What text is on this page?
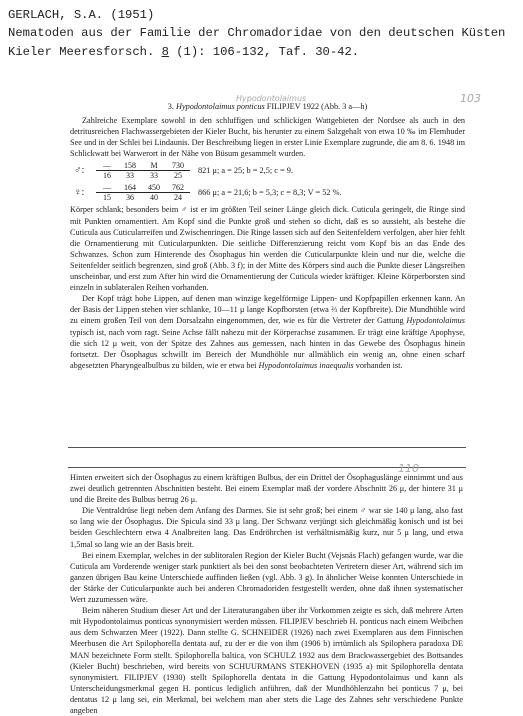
GERLACH, S.A. (1951)
Nematoden aus der Familie der Chromadoridae von den deutschen Küsten
Kieler Meeresforsch. 8 (1): 106-132, Taf. 30-42.
Hypodontolaimus	103
3. Hypodontolaimus ponticus FILIPJEV 1922 (Abb. 3 a—h)

Zahlreiche Exemplare sowohl in den schluffigen und schlickigen Wattgebieten der Nordsee als auch in den detritusreichen Flachwassergebieten der Kieler Bucht, bis herunter zu einem Salzgehalt von etwa 10 ‰ im Flemhuder See und in der Schlei bei Lindaunis. Der Beschreibung liegen in erster Linie Exemplare zugrunde, die am 8. 6. 1948 im Schlickwatt bei Warwerort in der Nähe von Büsum gesammelt wurden.

♂:	—	158	M	730
16	33	33	25
821 μ; a = 25; b = 2,5; c = 9.
♀:	—	164	450	762
15	36	40	24
866 μ; a = 21,6; b = 5,3; c = 8,3; V = 52 %.

Körper schlank; besonders beim ♂ ist er im größten Teil seiner Länge gleich dick. Cuticula geringelt, die Ringe sind mit Punkten ornamentiert. Am Kopf sind die Punkte groß und stehen so dicht, daß es so aussieht, als bestehe die Cuticula aus Cuticularreifen und Zwischenringen. Die Ringe lassen sich auf den Seitenfeldern verfolgen, aber hier fehlt die Ornamentierung mit Cuticularpunkten. Die seitliche Differenzierung reicht vom Kopf bis an das Ende des Schwanzes. Schon zum Hinterende des Ösophagus hin werden die Cuticularpunkte klein und nur die, welche die Seitenfelder seitlich begrenzen, sind groß (Abb. 3 f); in der Mitte des Körpers sind auch die Punkte dieser Längsreihen unscheinbar, und erst zum After hin wird die Ornamentierung der Cuticula wieder kräftiger. Kleine Körperborsten sind einzeln in sublateralen Reihen vorhanden.

Der Kopf trägt hohe Lippen, auf denen man winzige kegelförmige Lippen- und Kopfpapillen erkennen kann. An der Basis der Lippen stehen vier schlanke, 10—11 μ lange Kopfborsten (etwa ⅔ der Kopfbreite). Die Mundhöhle wird zu einem großen Teil von dem Dorsalzahn eingenommen, der, wie es für die Vertreter der Gattung Hypodontolaimus typisch ist, nach vorn ragt. Seine Achse fällt nahezu mit der Körperachse zusammen. Er trägt eine kräftige Apophyse, die sich 12 μ weit, von der Spitze des Zahnes aus gemessen, nach hinten in das Gewebe des Ösophagus hinein fortsetzt. Der Ösophagus schwillt im Bereich der Mundhöhle nur allmählich ein wenig an, ohne einen scharf abgesetzten Pharyngealbulbus zu bilden, wie er etwa bei Hypodontolaimus inaequalis vorhanden ist.

110

Hinten erweitert sich der Ösophagus zu einem kräftigen Bulbus, der ein Drittel der Ösophaguslänge einnimmt und aus zwei deutlich getrennten Abschnitten besteht. Bei einem Exemplar maß der vordere Abschnitt 26 μ, der hintere 31 μ und die Breite des Bulbus betrug 26 μ.

Die Ventraldrüse liegt neben dem Anfang des Darmes. Sie ist sehr groß; bei einem ♂ war sie 140 μ lang, also fast so lang wie der Ösophagus. Die Spicula sind 33 μ lang. Der Schwanz verjüngt sich gleichmäßig konisch und ist bei beiden Geschlechtern etwa 4 Analbreiten lang. Das Endröhrchen ist verhältnismäßig kurz, nur 5 μ lang, und etwa 1,5mal so lang wie an der Basis breit.

Bei einem Exemplar, welches in der sublitoralen Region der Kieler Bucht (Vejsnäs Flach) gefangen wurde, war die Cuticula am Vorderende weniger stark punktiert als bei den sonst beobachteten Vertretern dieser Art, während sich im ganzen übrigen Bau keine Unterschiede auffinden ließen (vgl. Abb. 3 g). In ähnlicher Weise konnten Unterschiede in der Stärke der Cuticularpunkte auch bei anderen Chromadoriden festgestellt werden, ohne daß ihnen systematischer Wert zuzumessen wäre.

Beim näheren Studium dieser Art und der Literaturangaben über ihr Vorkommen zeigte es sich, daß mehrere Arten mit Hypodontolaimus ponticus synonymisiert werden müssen. FILIPJEV beschrieb H. ponticus nach einem Weibchen aus dem Schwarzen Meer (1922). Dann stellte G. SCHNEIDER (1926) nach zwei Exemplaren aus dem Finnischen Meerbusen die Art Spilophorella dentata auf, zu der er die von ihm (1906 b) irrtümlich als Spilophera paradoxa DE MAN bezeichnete Form stellt. Spilophorella baltica, von SCHULZ 1932 aus dem Brackwassergebiet des Bottsandes (Kieler Bucht) beschrieben, wird bereits von SCHUURMANS STEKHOVEN (1935 a) mit Spilophorella dentata synonymisiert. FILIPJEV (1930) stellt Spilophorella dentata in die Gattung Hypodontolaimus und kann als Unterscheidungsmerkmal gegen H. ponticus lediglich anführen, daß der Mundhöhlenzahn bei ponticus 7 μ, bei dentatus 12 μ lang sei, ein Merkmal, bei welchem man aber stets die Lage des Zahnes sehr verschiedene Punkte angeben
